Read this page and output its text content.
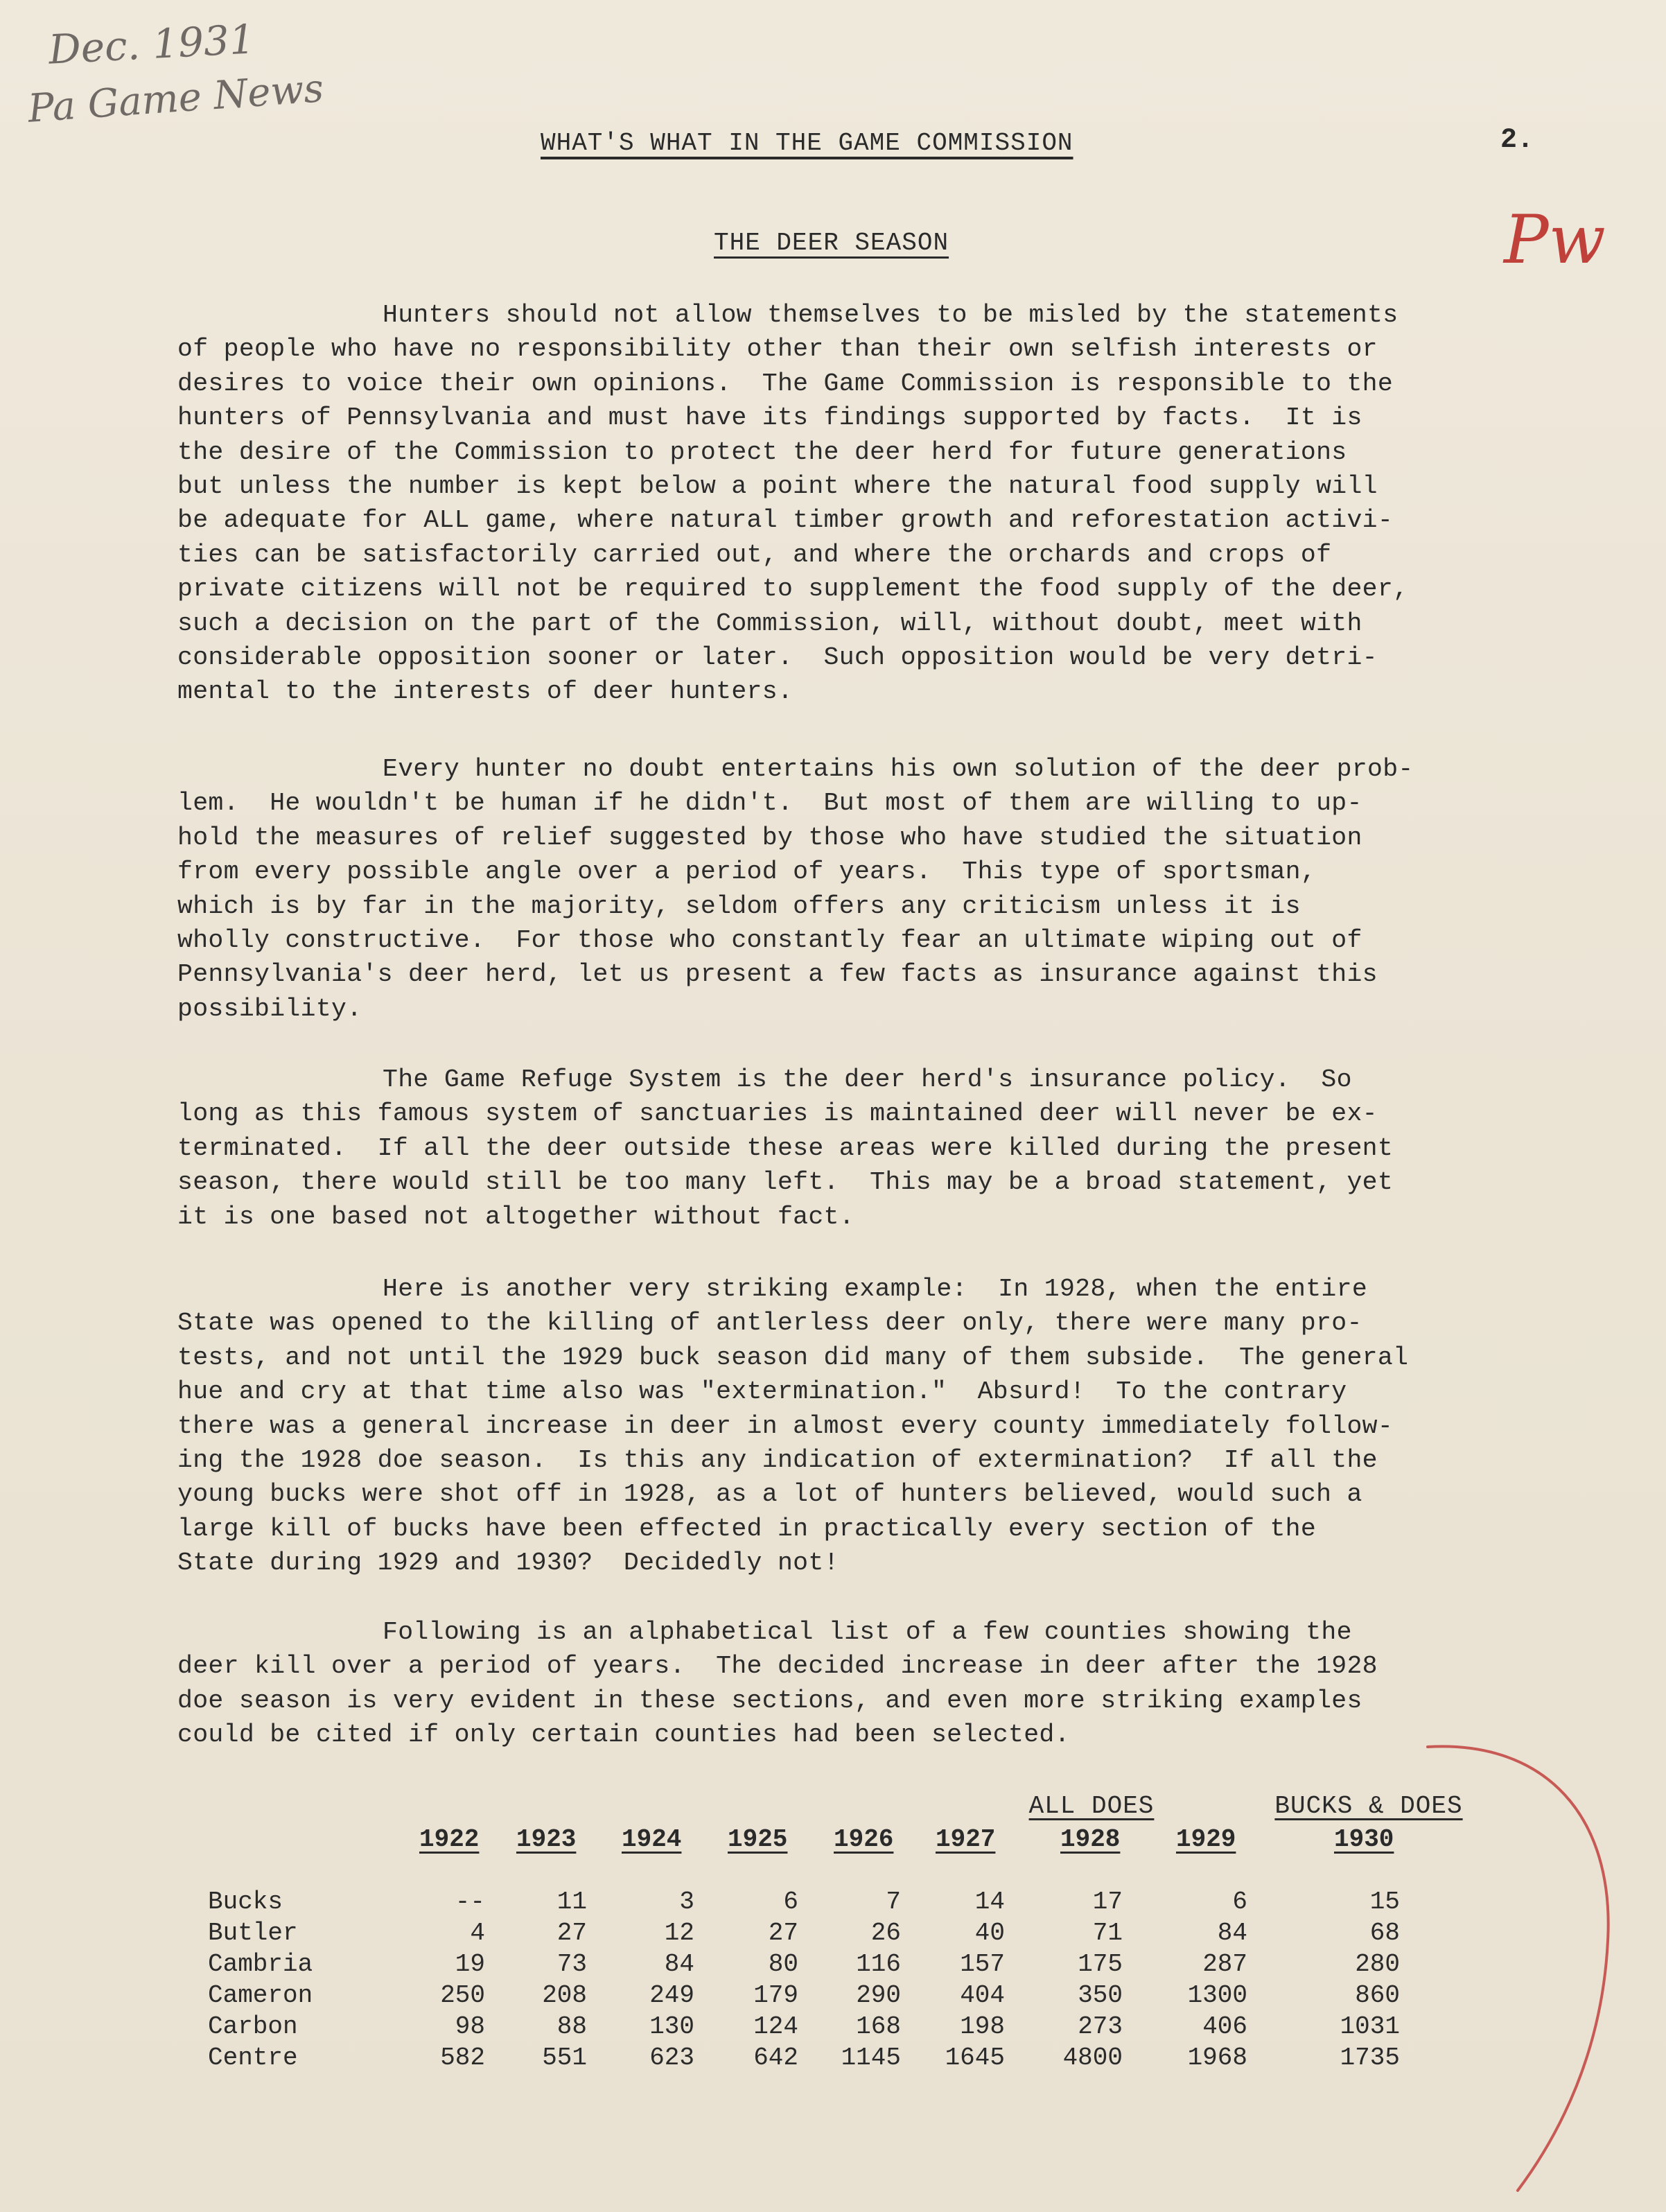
Dec. 1931
Pa Game News
Pw
2.
WHAT'S WHAT IN THE GAME COMMISSION
THE DEER SEASON
Hunters should not allow themselves to be misled by the statements
of people who have no responsibility other than their own selfish interests or
desires to voice their own opinions.  The Game Commission is responsible to the
hunters of Pennsylvania and must have its findings supported by facts.  It is
the desire of the Commission to protect the deer herd for future generations
but unless the number is kept below a point where the natural food supply will
be adequate for ALL game, where natural timber growth and reforestation activi-
ties can be satisfactorily carried out, and where the orchards and crops of
private citizens will not be required to supplement the food supply of the deer,
such a decision on the part of the Commission, will, without doubt, meet with
considerable opposition sooner or later.  Such opposition would be very detri-
mental to the interests of deer hunters.
Every hunter no doubt entertains his own solution of the deer prob-
lem.  He wouldn't be human if he didn't.  But most of them are willing to up-
hold the measures of relief suggested by those who have studied the situation
from every possible angle over a period of years.  This type of sportsman,
which is by far in the majority, seldom offers any criticism unless it is
wholly constructive.  For those who constantly fear an ultimate wiping out of
Pennsylvania's deer herd, let us present a few facts as insurance against this
possibility.
The Game Refuge System is the deer herd's insurance policy.  So
long as this famous system of sanctuaries is maintained deer will never be ex-
terminated.  If all the deer outside these areas were killed during the present
season, there would still be too many left.  This may be a broad statement, yet
it is one based not altogether without fact.
Here is another very striking example:  In 1928, when the entire
State was opened to the killing of antlerless deer only, there were many pro-
tests, and not until the 1929 buck season did many of them subside.  The general
hue and cry at that time also was "extermination."  Absurd!  To the contrary
there was a general increase in deer in almost every county immediately follow-
ing the 1928 doe season.  Is this any indication of extermination?  If all the
young bucks were shot off in 1928, as a lot of hunters believed, would such a
large kill of bucks have been effected in practically every section of the
State during 1929 and 1930?  Decidedly not!
Following is an alphabetical list of a few counties showing the
deer kill over a period of years.  The decided increase in deer after the 1928
doe season is very evident in these sections, and even more striking examples
could be cited if only certain counties had been selected.
ALL DOES	BUCKS & DOES
1922 1923 1924 1925 1926 1927	1928 1929	1930
Bucks	--	11	3	6	7	14	17	6	15
Butler	4	27	12	27	26	40	71	84	68
Cambria	19	73	84	80	116	157	175	287	280
Cameron	250	208	249	179	290	404	350	1300	860
Carbon	98	88	130	124	168	198	273	406	1031
Centre	582	551	623	642	1145	1645	4800	1968	1735
